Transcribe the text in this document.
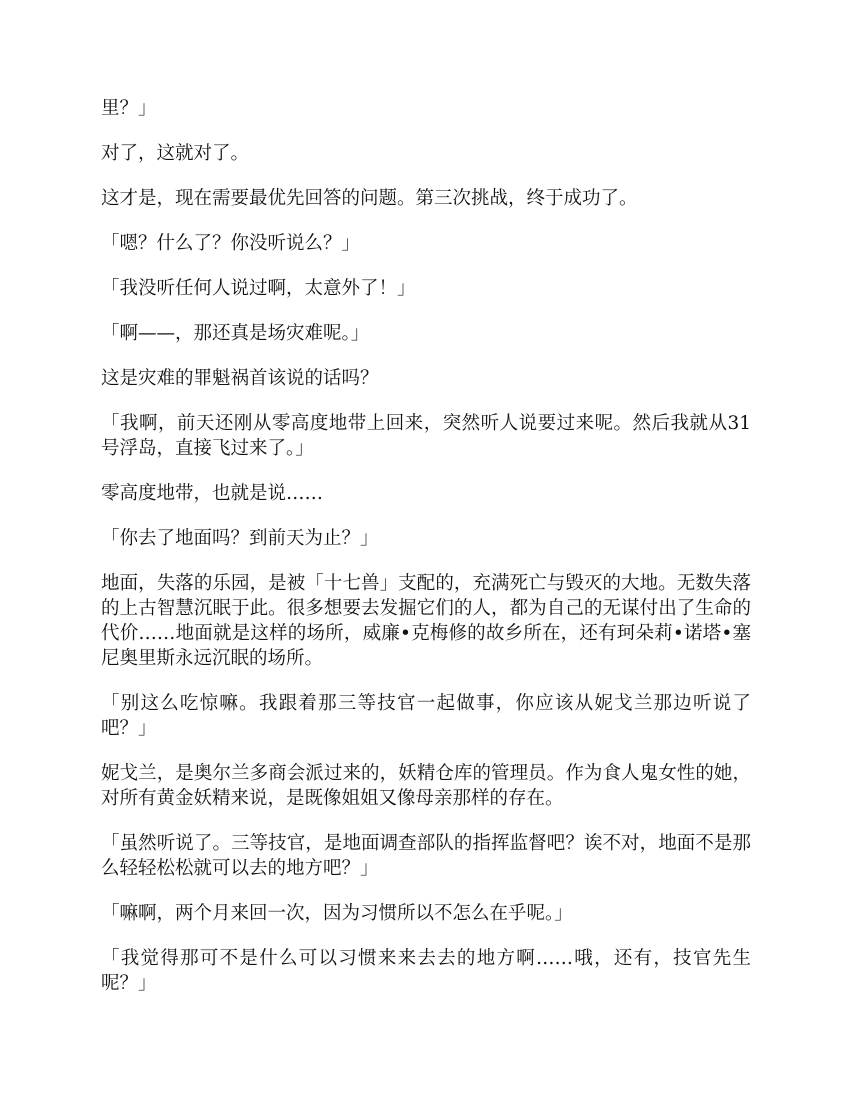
里？」

对了，这就对了。

这才是，现在需要最优先回答的问题。第三次挑战，终于成功了。

「嗯？什么了？你没听说么？」

「我没听任何人说过啊，太意外了！」

「啊——，那还真是场灾难呢。」

这是灾难的罪魁祸首该说的话吗？

「我啊，前天还刚从零高度地带上回来，突然听人说要过来呢。然后我就从31号浮岛，直接飞过来了。」

零高度地带，也就是说……

「你去了地面吗？到前天为止？」

地面，失落的乐园，是被「十七兽」支配的，充满死亡与毁灭的大地。无数失落的上古智慧沉眠于此。很多想要去发掘它们的人，都为自己的无谋付出了生命的代价……地面就是这样的场所，威廉•克梅修的故乡所在，还有珂朵莉•诺塔•塞尼奥里斯永远沉眠的场所。

「别这么吃惊嘛。我跟着那三等技官一起做事，你应该从妮戈兰那边听说了吧？」

妮戈兰，是奥尔兰多商会派过来的，妖精仓库的管理员。作为食人鬼女性的她，对所有黄金妖精来说，是既像姐姐又像母亲那样的存在。

「虽然听说了。三等技官，是地面调查部队的指挥监督吧？诶不对，地面不是那么轻轻松松就可以去的地方吧？」

「嘛啊，两个月来回一次，因为习惯所以不怎么在乎呢。」

「我觉得那可不是什么可以习惯来来去去的地方啊……哦，还有，技官先生呢？」
